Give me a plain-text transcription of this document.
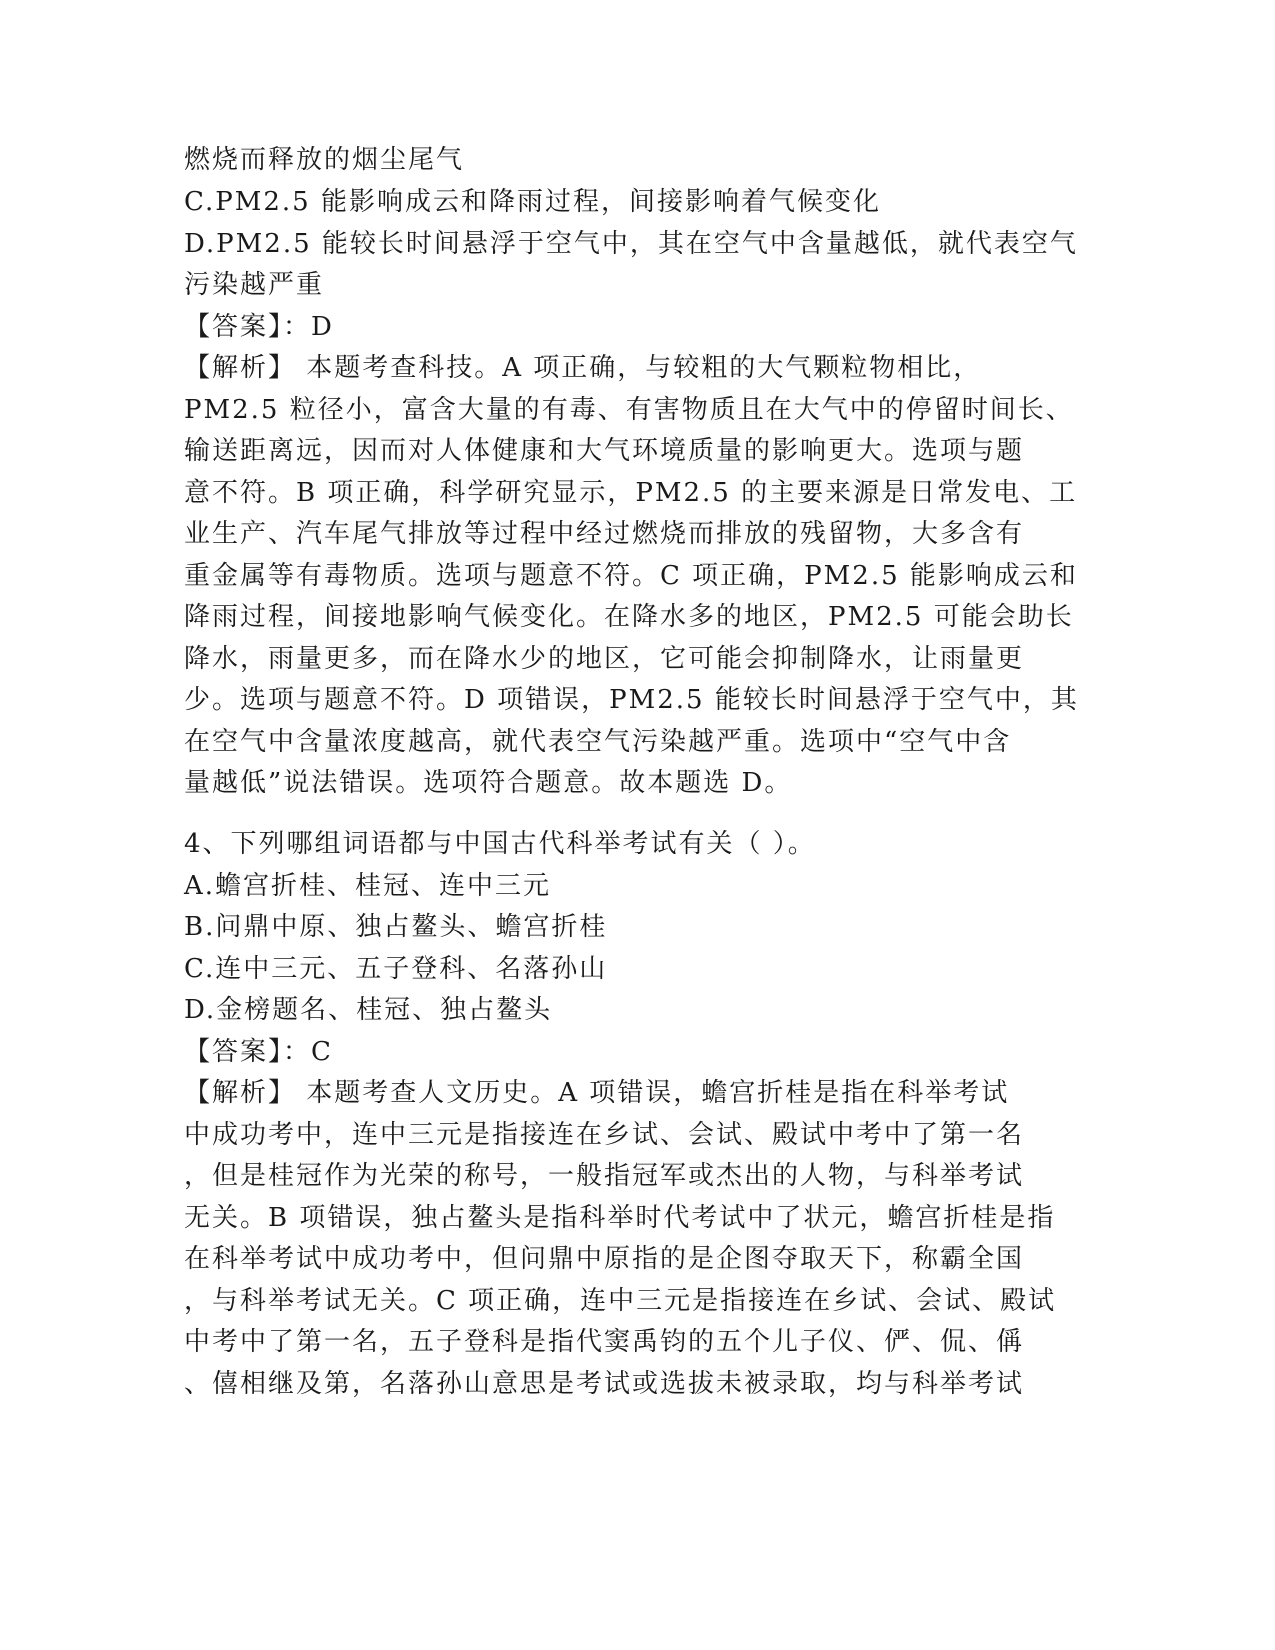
燃烧而释放的烟尘尾气
C.PM2.5 能影响成云和降雨过程，间接影响着气候变化
D.PM2.5 能较长时间悬浮于空气中，其在空气中含量越低，就代表空气
污染越严重
【答案】：D
【解析】 本题考查科技。A 项正确，与较粗的大气颗粒物相比，
PM2.5 粒径小，富含大量的有毒、有害物质且在大气中的停留时间长、
输送距离远，因而对人体健康和大气环境质量的影响更大。选项与题
意不符。B 项正确，科学研究显示，PM2.5 的主要来源是日常发电、工
业生产、汽车尾气排放等过程中经过燃烧而排放的残留物，大多含有
重金属等有毒物质。选项与题意不符。C 项正确，PM2.5 能影响成云和
降雨过程，间接地影响气候变化。在降水多的地区，PM2.5 可能会助长
降水，雨量更多，而在降水少的地区，它可能会抑制降水，让雨量更
少。选项与题意不符。D 项错误，PM2.5 能较长时间悬浮于空气中，其
在空气中含量浓度越高，就代表空气污染越严重。选项中“空气中含
量越低”说法错误。选项符合题意。故本题选 D。
4、下列哪组词语都与中国古代科举考试有关（ ）。
A.蟾宫折桂、桂冠、连中三元
B.问鼎中原、独占鳌头、蟾宫折桂
C.连中三元、五子登科、名落孙山
D.金榜题名、桂冠、独占鳌头
【答案】：C
【解析】 本题考查人文历史。A 项错误，蟾宫折桂是指在科举考试
中成功考中，连中三元是指接连在乡试、会试、殿试中考中了第一名
，但是桂冠作为光荣的称号，一般指冠军或杰出的人物，与科举考试
无关。B 项错误，独占鳌头是指科举时代考试中了状元，蟾宫折桂是指
在科举考试中成功考中，但问鼎中原指的是企图夺取天下，称霸全国
，与科举考试无关。C 项正确，连中三元是指接连在乡试、会试、殿试
中考中了第一名，五子登科是指代窦禹钧的五个儿子仪、俨、侃、偁
、僖相继及第，名落孙山意思是考试或选拔未被录取，均与科举考试
